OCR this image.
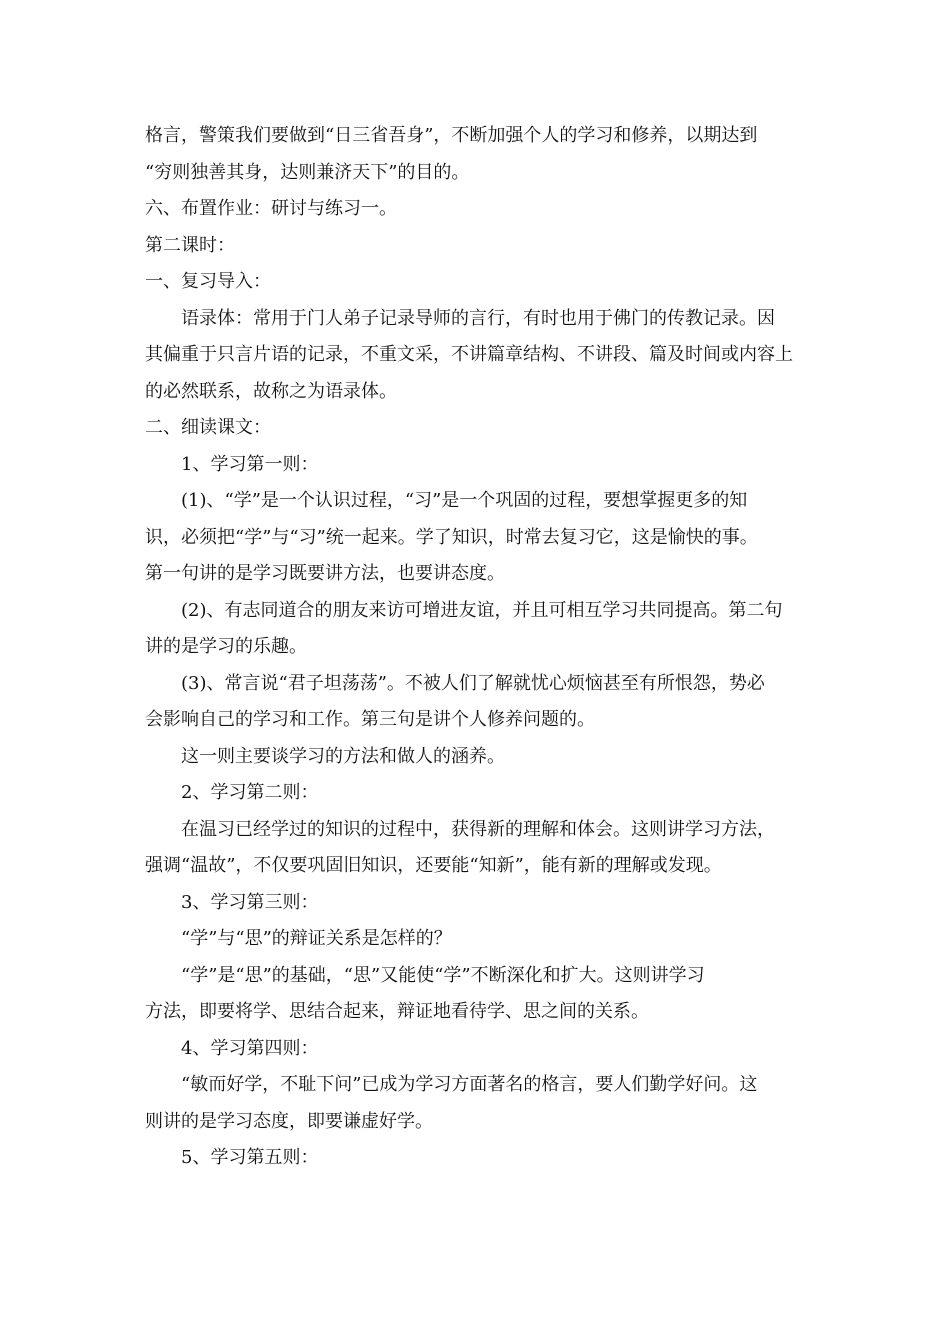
格言，警策我们要做到“日三省吾身”，不断加强个人的学习和修养，以期达到
“穷则独善其身，达则兼济天下”的目的。
六、布置作业：研讨与练习一。
第二课时：
一、复习导入：
语录体：常用于门人弟子记录导师的言行，有时也用于佛门的传教记录。因
其偏重于只言片语的记录，不重文采，不讲篇章结构、不讲段、篇及时间或内容上
的必然联系，故称之为语录体。
二、细读课文：
1、学习第一则：
(1)、“学”是一个认识过程，“习”是一个巩固的过程，要想掌握更多的知
识，必须把“学”与“习”统一起来。学了知识，时常去复习它，这是愉快的事。
第一句讲的是学习既要讲方法，也要讲态度。
(2)、有志同道合的朋友来访可增进友谊，并且可相互学习共同提高。第二句
讲的是学习的乐趣。
(3)、常言说“君子坦荡荡”。不被人们了解就忧心烦恼甚至有所恨怨，势必
会影响自己的学习和工作。第三句是讲个人修养问题的。
这一则主要谈学习的方法和做人的涵养。
2、学习第二则：
在温习已经学过的知识的过程中，获得新的理解和体会。这则讲学习方法，
强调“温故”，不仅要巩固旧知识，还要能“知新”，能有新的理解或发现。
3、学习第三则：
“学”与“思”的辩证关系是怎样的？
“学”是“思”的基础，“思”又能使“学”不断深化和扩大。这则讲学习
方法，即要将学、思结合起来，辩证地看待学、思之间的关系。
4、学习第四则：
“敏而好学，不耻下问”已成为学习方面著名的格言，要人们勤学好问。这
则讲的是学习态度，即要谦虚好学。
5、学习第五则：
